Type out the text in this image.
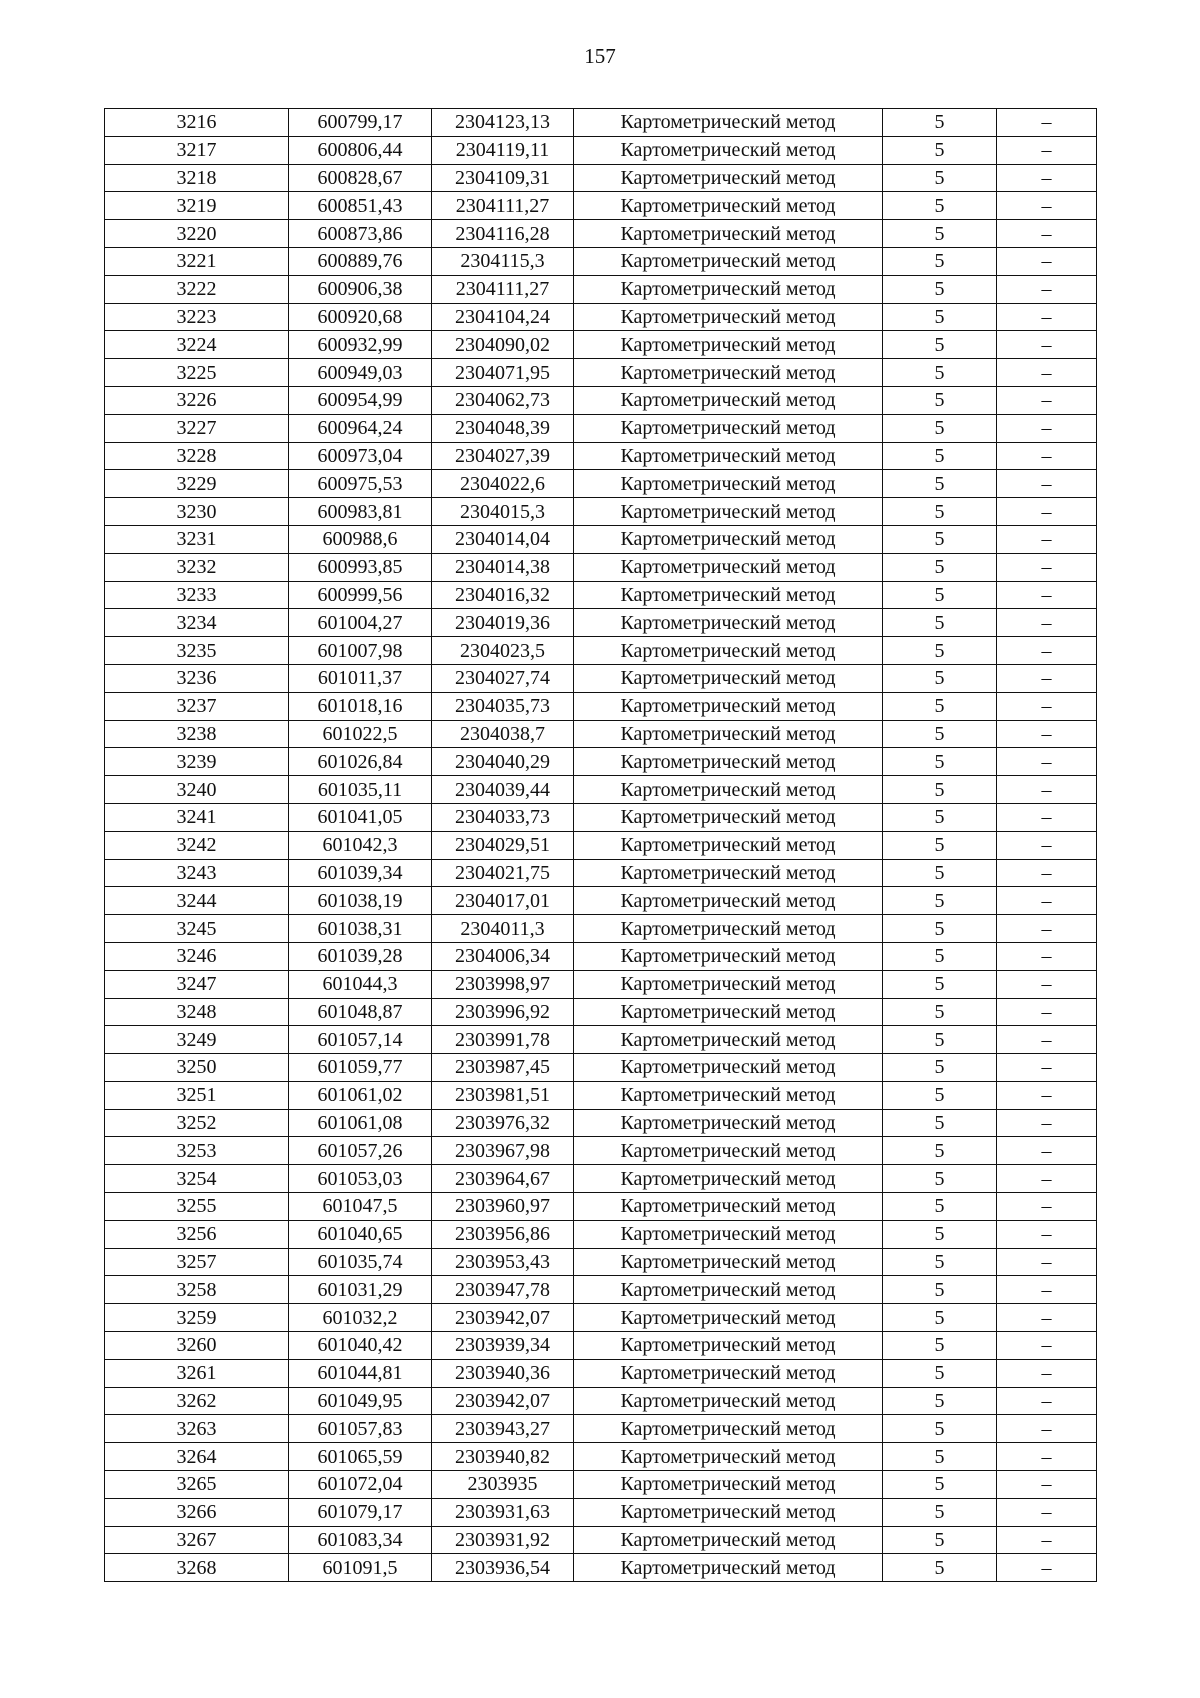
157
3216	600799,17	2304123,13	Картометрический метод	5	–
3217	600806,44	2304119,11	Картометрический метод	5	–
3218	600828,67	2304109,31	Картометрический метод	5	–
3219	600851,43	2304111,27	Картометрический метод	5	–
3220	600873,86	2304116,28	Картометрический метод	5	–
3221	600889,76	2304115,3	Картометрический метод	5	–
3222	600906,38	2304111,27	Картометрический метод	5	–
3223	600920,68	2304104,24	Картометрический метод	5	–
3224	600932,99	2304090,02	Картометрический метод	5	–
3225	600949,03	2304071,95	Картометрический метод	5	–
3226	600954,99	2304062,73	Картометрический метод	5	–
3227	600964,24	2304048,39	Картометрический метод	5	–
3228	600973,04	2304027,39	Картометрический метод	5	–
3229	600975,53	2304022,6	Картометрический метод	5	–
3230	600983,81	2304015,3	Картометрический метод	5	–
3231	600988,6	2304014,04	Картометрический метод	5	–
3232	600993,85	2304014,38	Картометрический метод	5	–
3233	600999,56	2304016,32	Картометрический метод	5	–
3234	601004,27	2304019,36	Картометрический метод	5	–
3235	601007,98	2304023,5	Картометрический метод	5	–
3236	601011,37	2304027,74	Картометрический метод	5	–
3237	601018,16	2304035,73	Картометрический метод	5	–
3238	601022,5	2304038,7	Картометрический метод	5	–
3239	601026,84	2304040,29	Картометрический метод	5	–
3240	601035,11	2304039,44	Картометрический метод	5	–
3241	601041,05	2304033,73	Картометрический метод	5	–
3242	601042,3	2304029,51	Картометрический метод	5	–
3243	601039,34	2304021,75	Картометрический метод	5	–
3244	601038,19	2304017,01	Картометрический метод	5	–
3245	601038,31	2304011,3	Картометрический метод	5	–
3246	601039,28	2304006,34	Картометрический метод	5	–
3247	601044,3	2303998,97	Картометрический метод	5	–
3248	601048,87	2303996,92	Картометрический метод	5	–
3249	601057,14	2303991,78	Картометрический метод	5	–
3250	601059,77	2303987,45	Картометрический метод	5	–
3251	601061,02	2303981,51	Картометрический метод	5	–
3252	601061,08	2303976,32	Картометрический метод	5	–
3253	601057,26	2303967,98	Картометрический метод	5	–
3254	601053,03	2303964,67	Картометрический метод	5	–
3255	601047,5	2303960,97	Картометрический метод	5	–
3256	601040,65	2303956,86	Картометрический метод	5	–
3257	601035,74	2303953,43	Картометрический метод	5	–
3258	601031,29	2303947,78	Картометрический метод	5	–
3259	601032,2	2303942,07	Картометрический метод	5	–
3260	601040,42	2303939,34	Картометрический метод	5	–
3261	601044,81	2303940,36	Картометрический метод	5	–
3262	601049,95	2303942,07	Картометрический метод	5	–
3263	601057,83	2303943,27	Картометрический метод	5	–
3264	601065,59	2303940,82	Картометрический метод	5	–
3265	601072,04	2303935	Картометрический метод	5	–
3266	601079,17	2303931,63	Картометрический метод	5	–
3267	601083,34	2303931,92	Картометрический метод	5	–
3268	601091,5	2303936,54	Картометрический метод	5	–
